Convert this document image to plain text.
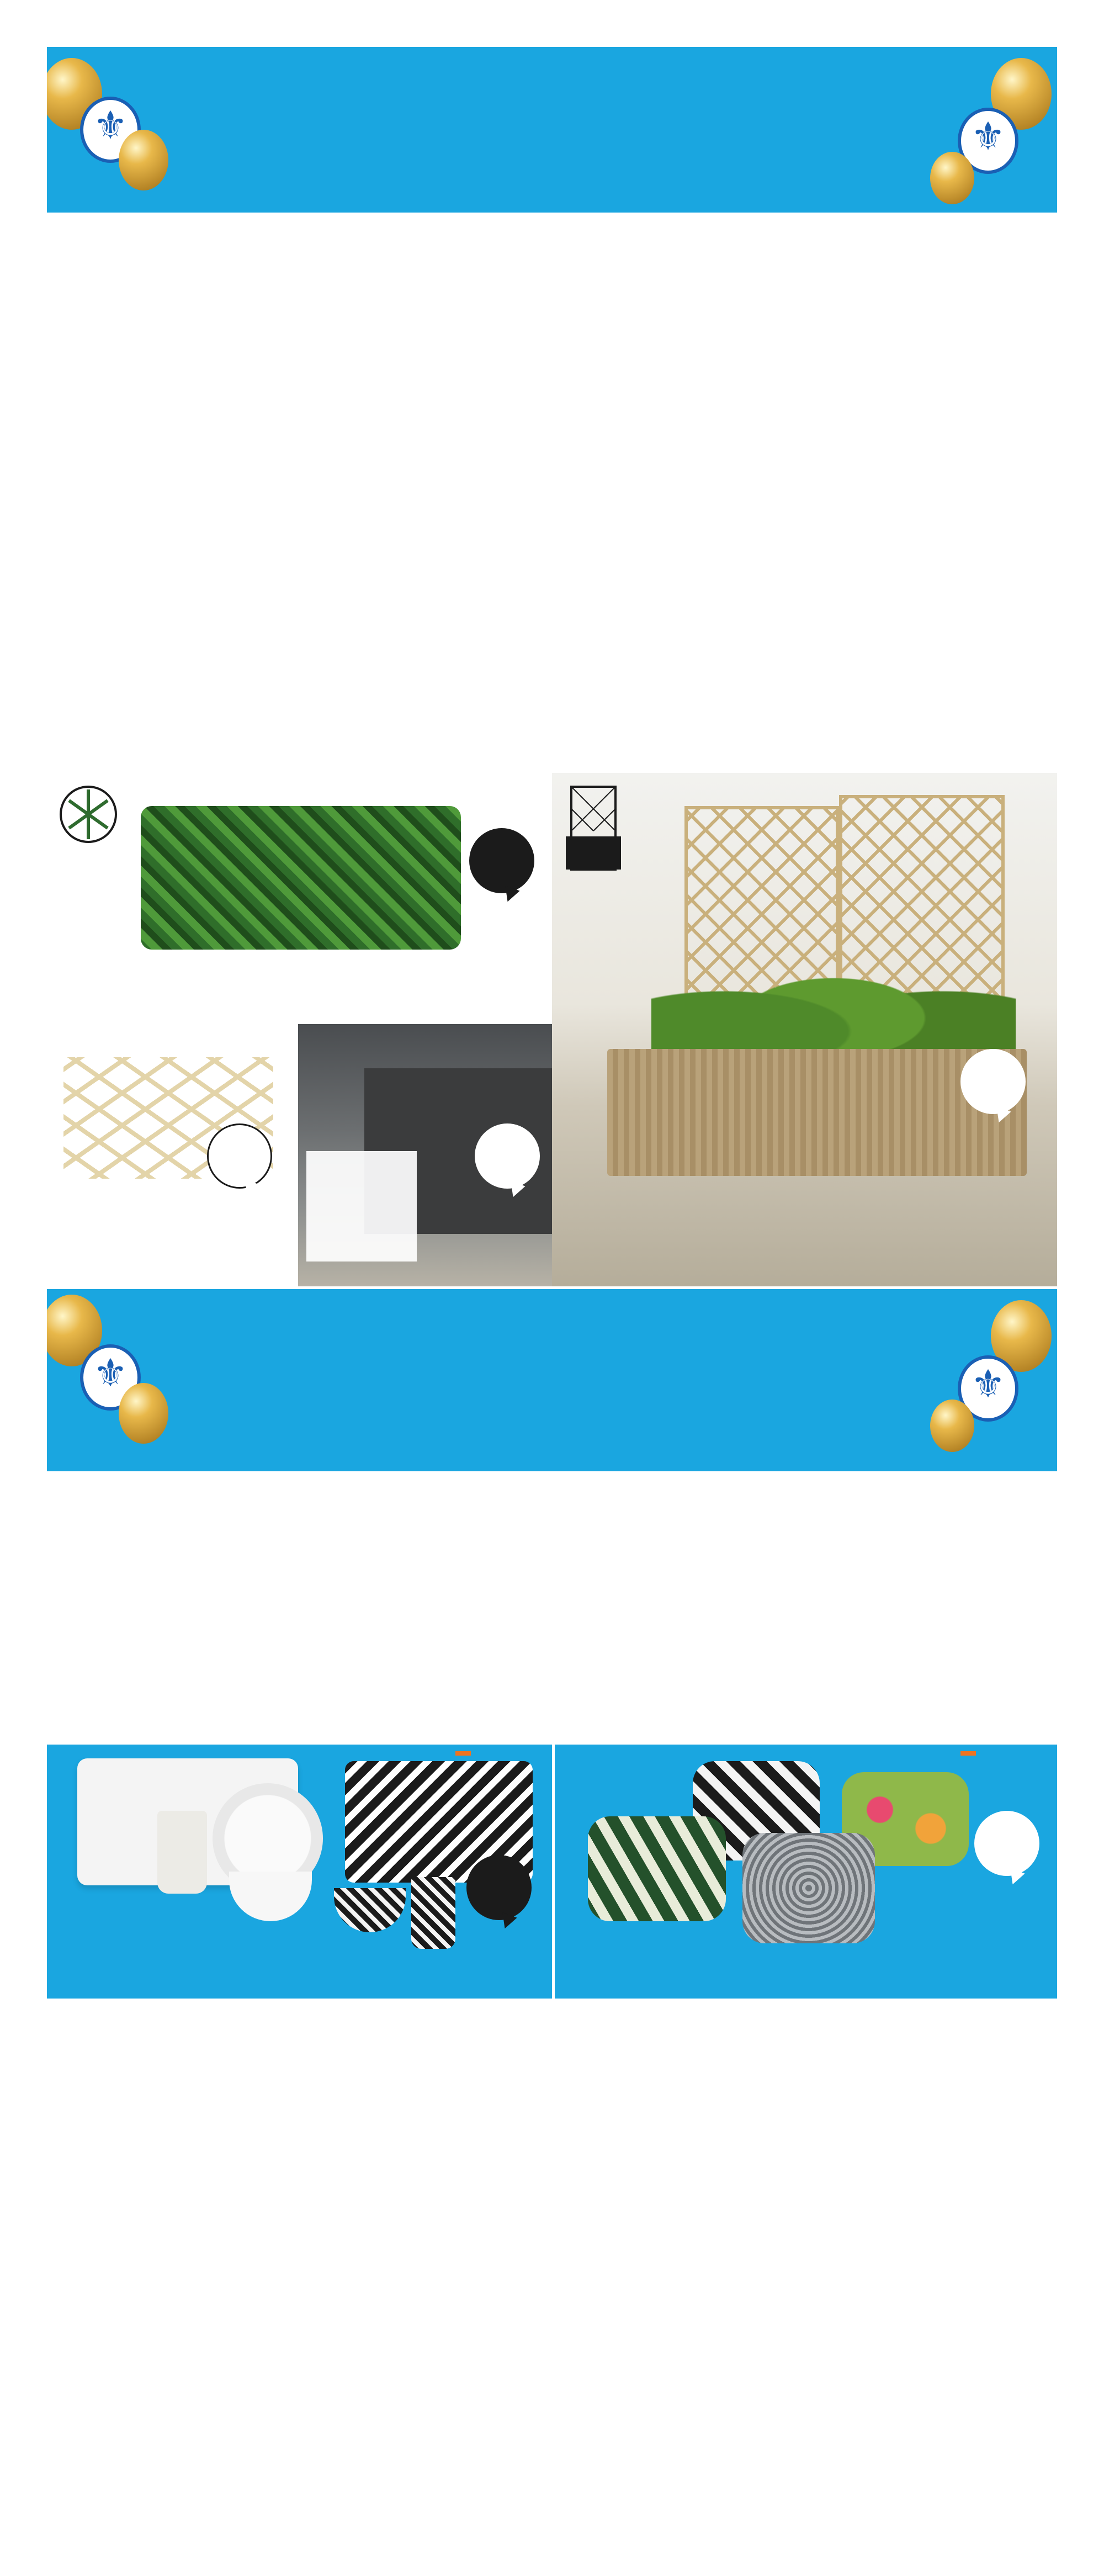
⚜
⚜
⚜
⚜
